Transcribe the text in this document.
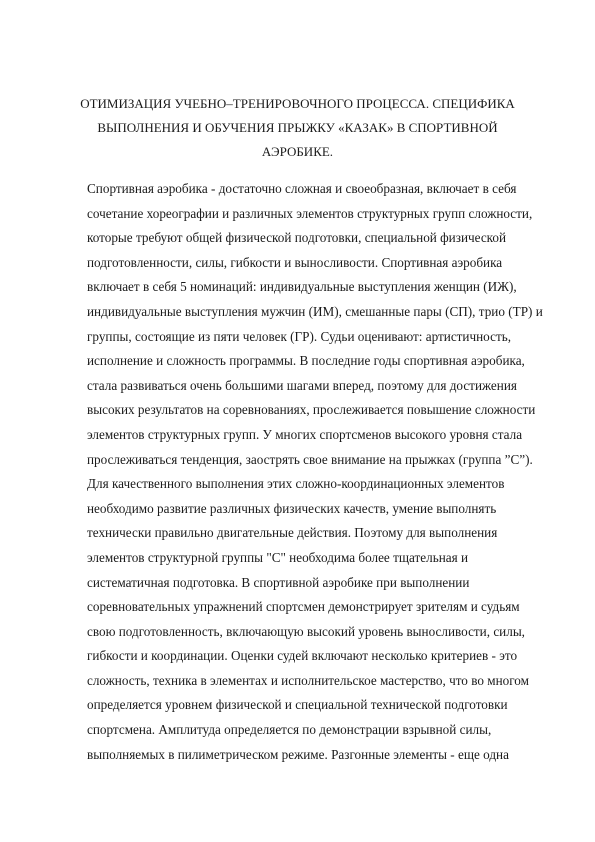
ОТИМИЗАЦИЯ УЧЕБНО–ТРЕНИРОВОЧНОГО ПРОЦЕССА. СПЕЦИФИКА
ВЫПОЛНЕНИЯ И ОБУЧЕНИЯ ПРЫЖКУ «КАЗАК» В СПОРТИВНОЙ
АЭРОБИКЕ.
Спортивная аэробика - достаточно сложная и своеобразная, включает в себя
сочетание хореографии и различных элементов структурных групп сложности,
которые требуют общей физической подготовки, специальной физической
подготовленности, силы, гибкости и выносливости. Спортивная аэробика
включает в себя 5 номинаций: индивидуальные выступления женщин (ИЖ),
индивидуальные выступления мужчин (ИМ), смешанные пары (СП), трио (ТР) и
группы, состоящие из пяти человек (ГР). Судьи оценивают: артистичность,
исполнение и сложность программы. В последние годы спортивная аэробика,
стала развиваться очень большими шагами вперед, поэтому для достижения
высоких результатов на соревнованиях, прослеживается повышение сложности
элементов структурных групп. У многих спортсменов высокого уровня стала
прослеживаться тенденция, заострять свое внимание на прыжках (группа ”С”).
Для качественного выполнения этих сложно-координационных элементов
необходимо развитие различных физических качеств, умение выполнять
технически правильно двигательные действия. Поэтому для выполнения
элементов структурной группы "С" необходима более тщательная и
систематичная подготовка. В спортивной аэробике при выполнении
соревновательных упражнений спортсмен демонстрирует зрителям и судьям
свою подготовленность, включающую высокий уровень выносливости, силы,
гибкости и координации. Оценки судей включают несколько критериев - это
сложность, техника в элементах и исполнительское мастерство, что во многом
определяется уровнем физической и специальной технической подготовки
спортсмена. Амплитуда определяется по демонстрации взрывной силы,
выполняемых в пилиметрическом режиме. Разгонные элементы - еще одна
